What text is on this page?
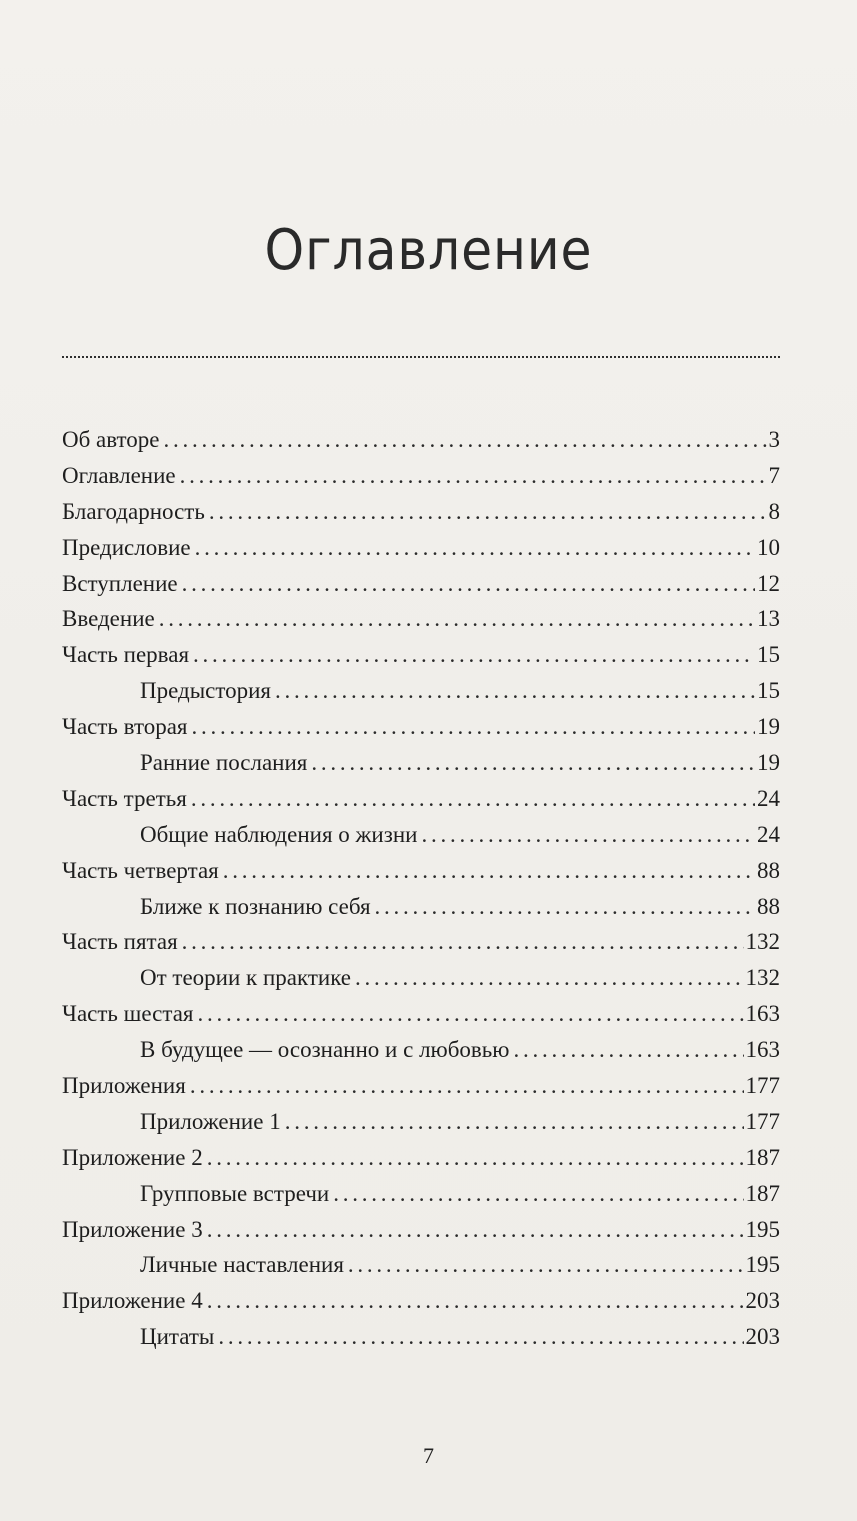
Оглавление
Об авторе . . .	3
Оглавление . . .	7
Благодарность . . .	8
Предисловие . . .	10
Вступление . . .	12
Введение . . .	13
Часть первая . . .	15
Предыстория . . .	15
Часть вторая . . .	19
Ранние послания . . .	19
Часть третья . . .	24
Общие наблюдения о жизни . . .	24
Часть четвертая . . .	88
Ближе к познанию себя . . .	88
Часть пятая . . .	132
От теории к практике . . .	132
Часть шестая . . .	163
В будущее — осознанно и с любовью . . .	163
Приложения . . .	177
Приложение 1 . . .	177
Приложение 2 . . .	187
Групповые встречи . . .	187
Приложение 3 . . .	195
Личные наставления . . .	195
Приложение 4 . . .	203
Цитаты . . .	203
7
